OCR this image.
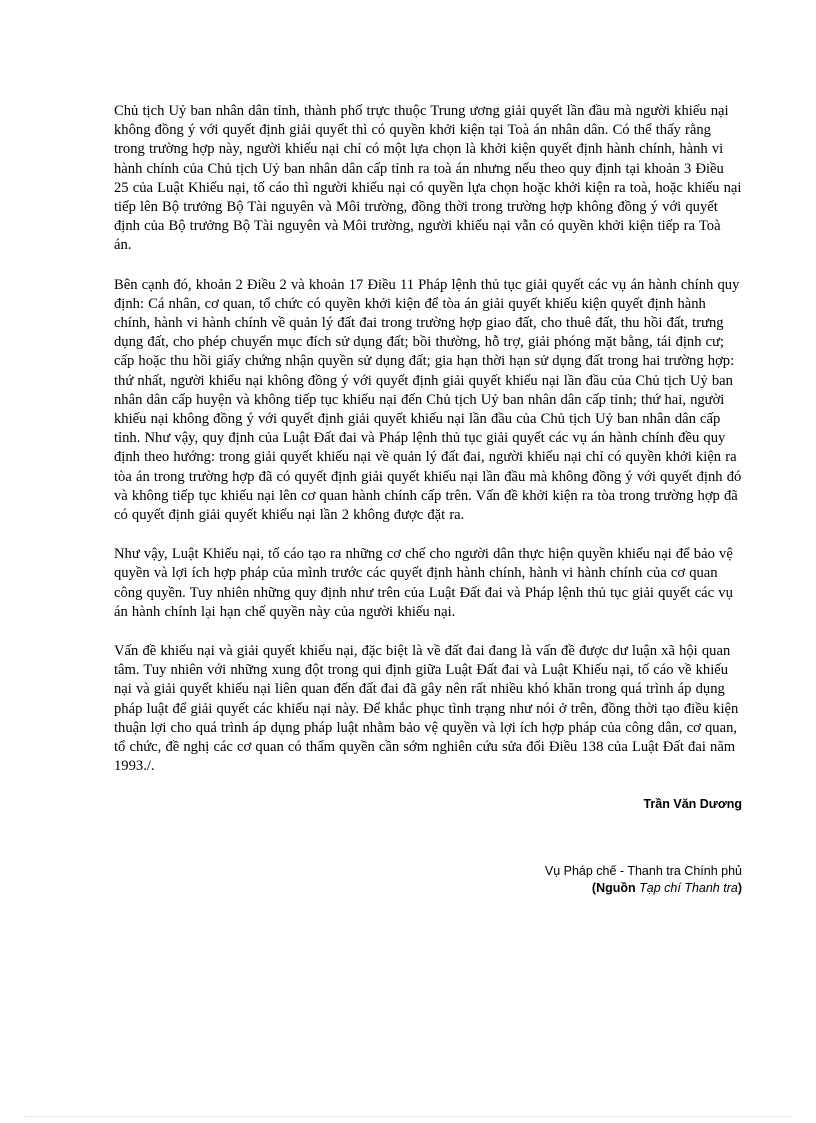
Chủ tịch Uỷ ban nhân dân tỉnh, thành phố trực thuộc Trung ương giải quyết lần đầu mà người khiếu nại không đồng ý với quyết định giải quyết thì có quyền khởi kiện tại Toà án nhân dân. Có thể thấy rằng trong trường hợp này, người khiếu nại chỉ có một lựa chọn là khởi kiện quyết định hành chính, hành vi hành chính của Chủ tịch Uỷ ban nhân dân cấp tỉnh ra toà án nhưng nếu theo quy định tại khoản 3 Điều 25 của Luật Khiếu nại, tố cáo thì người khiếu nại có quyền lựa chọn hoặc khởi kiện ra toà, hoặc khiếu nại tiếp lên Bộ trưởng Bộ Tài nguyên và Môi trường, đồng thời trong trường hợp không đồng ý với quyết định của Bộ trưởng Bộ Tài nguyên và Môi trường, người khiếu nại vẫn có quyền khởi kiện tiếp ra Toà án.

Bên cạnh đó, khoản 2 Điều 2 và khoản 17 Điều 11 Pháp lệnh thủ tục giải quyết các vụ án hành chính quy định: Cá nhân, cơ quan, tổ chức có quyền khởi kiện để tòa án giải quyết khiếu kiện quyết định hành chính, hành vi hành chính về quản lý đất đai trong trường hợp giao đất, cho thuê đất, thu hồi đất, trưng dụng đất, cho phép chuyển mục đích sử dụng đất; bồi thường, hỗ trợ, giải phóng mặt bằng, tái định cư; cấp hoặc thu hồi giấy chứng nhận quyền sử dụng đất; gia hạn thời hạn sử dụng đất trong hai trường hợp: thứ nhất, người khiếu nại không đồng ý với quyết định giải quyết khiếu nại lần đầu của Chủ tịch Uỷ ban nhân dân cấp huyện và không tiếp tục khiếu nại đến Chủ tịch Uỷ ban nhân dân cấp tỉnh; thứ hai, người khiếu nại không đồng ý với quyết định giải quyết khiếu nại lần đầu của Chủ tịch Uỷ ban nhân dân cấp tỉnh. Như vậy, quy định của Luật Đất đai và Pháp lệnh thủ tục giải quyết các vụ án hành chính đều quy định theo hướng: trong giải quyết khiếu nại về quản lý đất đai, người khiếu nại chỉ có quyền khởi kiện ra tòa án trong trường hợp đã có quyết định giải quyết khiếu nại lần đầu mà không đồng ý với quyết định đó và không tiếp tục khiếu nại lên cơ quan hành chính cấp trên. Vấn đề khởi kiện ra tòa trong trường hợp đã có quyết định giải quyết khiếu nại lần 2 không được đặt ra.

Như vậy, Luật Khiếu nại, tố cáo tạo ra những cơ chế cho người dân thực hiện quyền khiếu nại để bảo vệ quyền và lợi ích hợp pháp của mình trước các quyết định hành chính, hành vi hành chính của cơ quan công quyền. Tuy nhiên những quy định như trên của Luật Đất đai và Pháp lệnh thủ tục giải quyết các vụ án hành chính lại hạn chế quyền này của người khiếu nại.

Vấn đề khiếu nại và giải quyết khiếu nại, đặc biệt là về đất đai đang là vấn đề được dư luận xã hội quan tâm. Tuy nhiên với những xung đột trong qui định giữa Luật Đất đai và Luật Khiếu nại, tố cáo về khiếu nại và giải quyết khiếu nại liên quan đến đất đai đã gây nên rất nhiều khó khăn trong quá trình áp dụng pháp luật để giải quyết các khiếu nại này. Để khắc phục tình trạng như nói ở trên, đồng thời tạo điều kiện thuận lợi cho quá trình áp dụng pháp luật nhằm bảo vệ quyền và lợi ích hợp pháp của công dân, cơ quan, tổ chức, đề nghị các cơ quan có thẩm quyền cần sớm nghiên cứu sửa đổi Điều 138 của Luật Đất đai năm 1993./.

Trần Văn Dương
Vụ Pháp chế - Thanh tra Chính phủ
(Nguồn Tạp chí Thanh tra)
